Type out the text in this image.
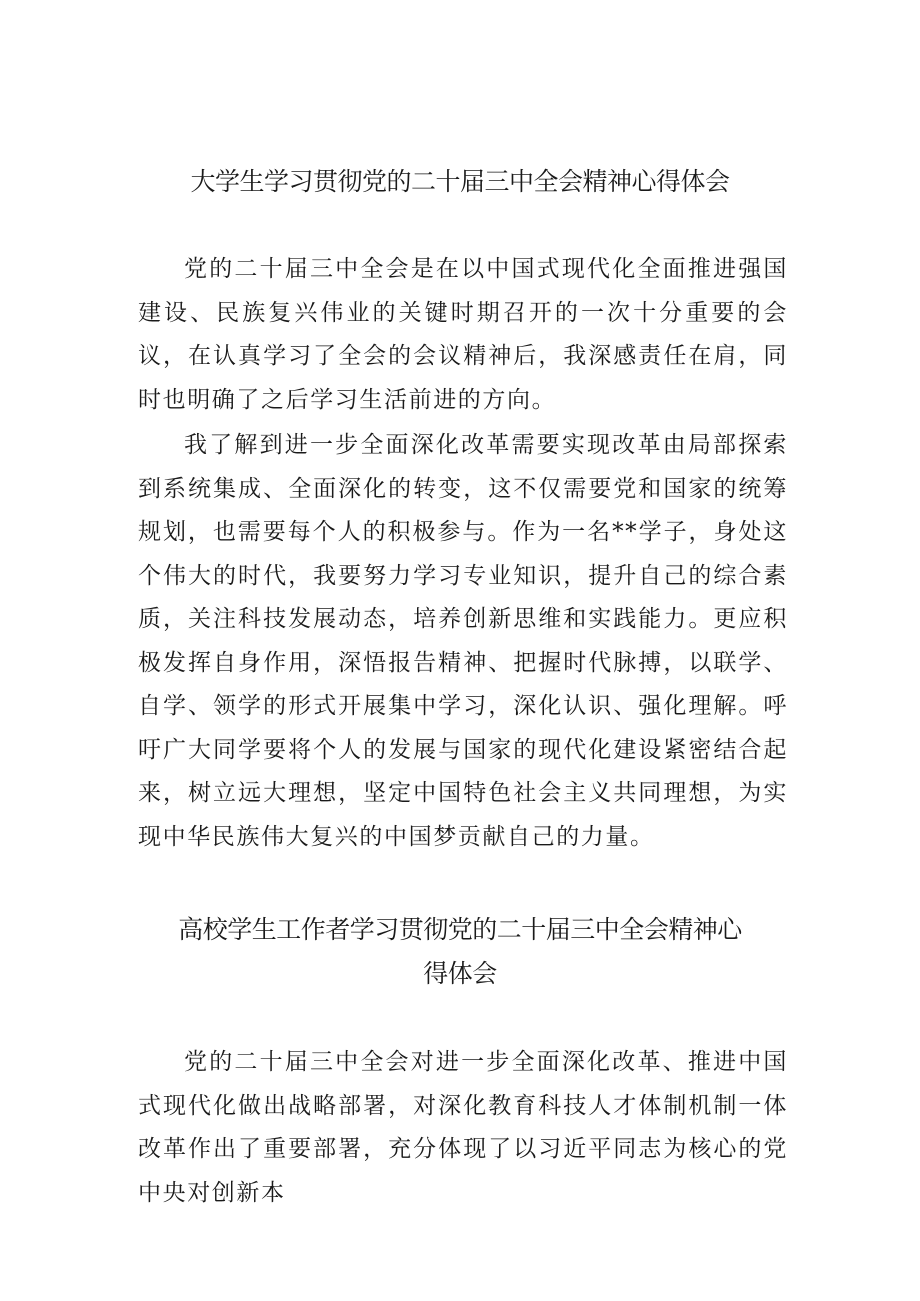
大学生学习贯彻党的二十届三中全会精神心得体会

党的二十届三中全会是在以中国式现代化全面推进强国建设、民族复兴伟业的关键时期召开的一次十分重要的会议，在认真学习了全会的会议精神后，我深感责任在肩，同时也明确了之后学习生活前进的方向。

我了解到进一步全面深化改革需要实现改革由局部探索到系统集成、全面深化的转变，这不仅需要党和国家的统筹规划，也需要每个人的积极参与。作为一名**学子，身处这个伟大的时代，我要努力学习专业知识，提升自己的综合素质，关注科技发展动态，培养创新思维和实践能力。更应积极发挥自身作用，深悟报告精神、把握时代脉搏，以联学、自学、领学的形式开展集中学习，深化认识、强化理解。呼吁广大同学要将个人的发展与国家的现代化建设紧密结合起来，树立远大理想，坚定中国特色社会主义共同理想，为实现中华民族伟大复兴的中国梦贡献自己的力量。

高校学生工作者学习贯彻党的二十届三中全会精神心
得体会

党的二十届三中全会对进一步全面深化改革、推进中国式现代化做出战略部署，对深化教育科技人才体制机制一体改革作出了重要部署，充分体现了以习近平同志为核心的党中央对创新本
